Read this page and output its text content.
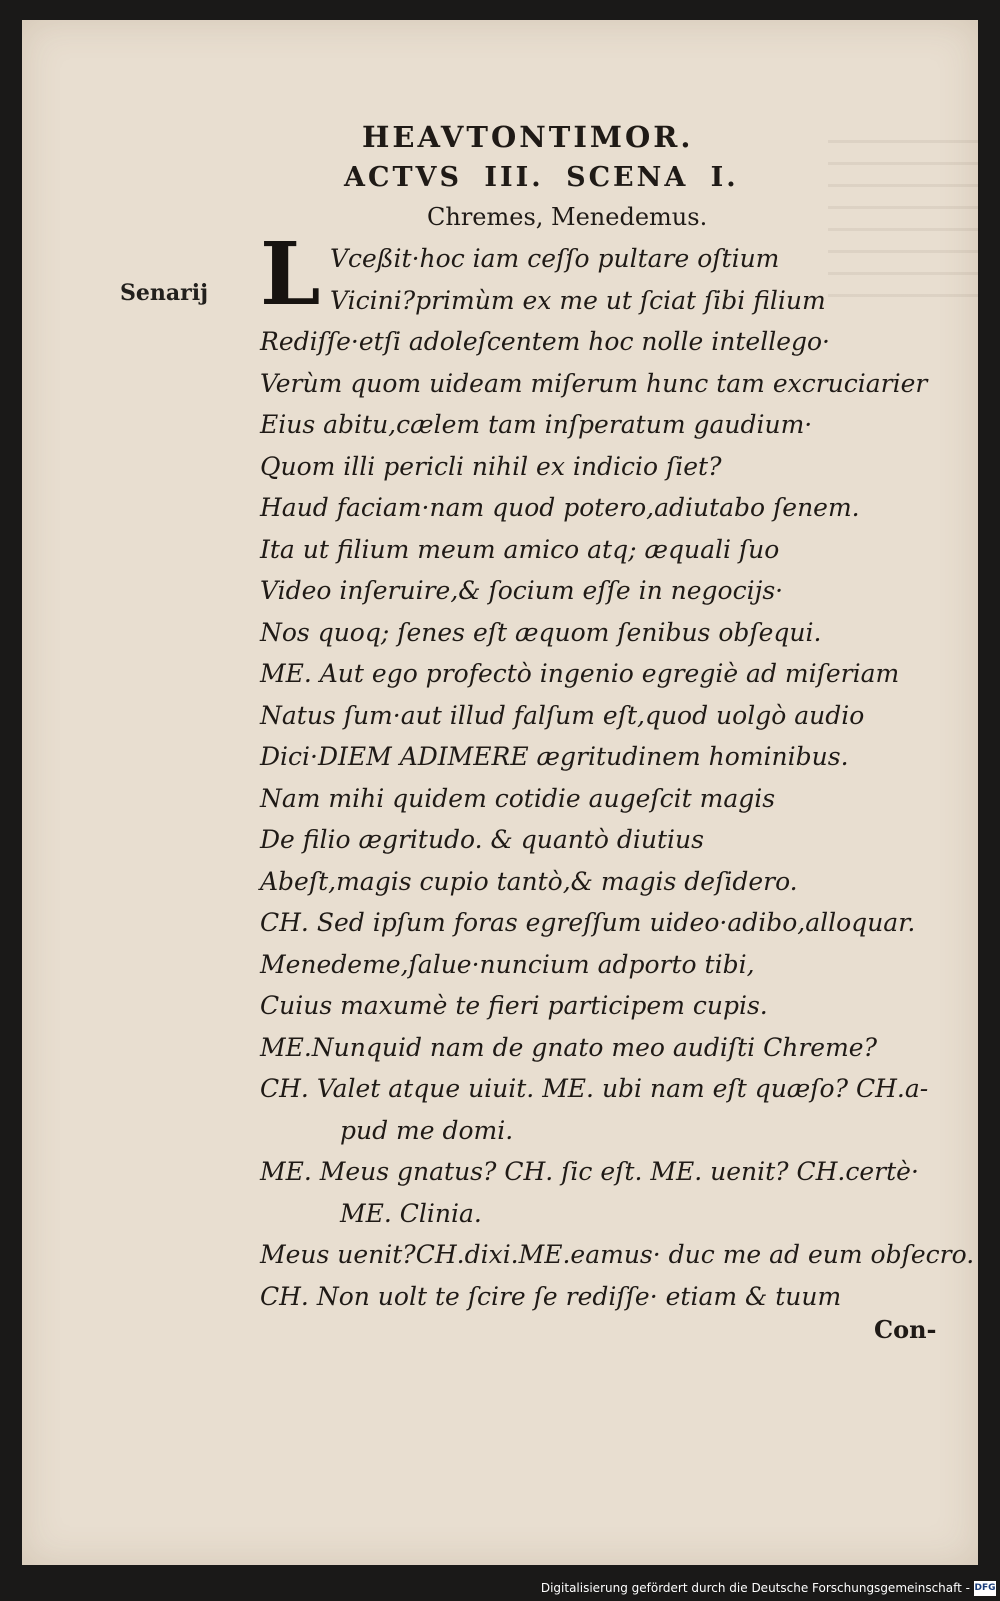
HEAVTONTIMOR.
ACTVS III. SCENA I.
Chremes, Menedemus.
Senarij L Vceßit·hoc iam ceſſo pultare oſtium
Vicini?primùm ex me ut ſciat ſibi filium
Rediſſe·etſi adoleſcentem hoc nolle intellego·
Verùm quom uideam miſerum hunc tam excruciarier
Eius abitu,cælem tam inſperatum gaudium·
Quom illi pericli nihil ex indicio ſiet?
Haud faciam·nam quod potero,adiutabo ſenem.
Ita ut filium meum amico atq; æquali ſuo
Video inſeruire,& ſocium eſſe in negocijs·
Nos quoq; ſenes eſt æquom ſenibus obſequi.
ME. Aut ego profectò ingenio egregiè ad miſeriam
Natus ſum·aut illud falſum eſt,quod uolgò audio
Dici·DIEM ADIMERE ægritudinem hominibus.
Nam mihi quidem cotidie augeſcit magis
De filio ægritudo. & quantò diutius
Abeſt,magis cupio tantò,& magis deſidero.
CH. Sed ipſum foras egreſſum uideo·adibo,alloquar.
Menedeme,ſalue·nuncium adporto tibi,
Cuius maxumè te fieri participem cupis.
ME.Nunquid nam de gnato meo audiſti Chreme?
CH. Valet atque uiuit. ME. ubi nam eſt quæſo? CH.a-
pud me domi.
ME. Meus gnatus? CH. ſic eſt. ME. uenit? CH.certè·
ME. Clinia.
Meus uenit?CH.dixi.ME.eamus· duc me ad eum obſecro.
CH. Non uolt te ſcire ſe rediſſe· etiam & tuum
Con-
Digitalisierung gefördert durch die Deutsche Forschungsgemeinschaft - DFG
